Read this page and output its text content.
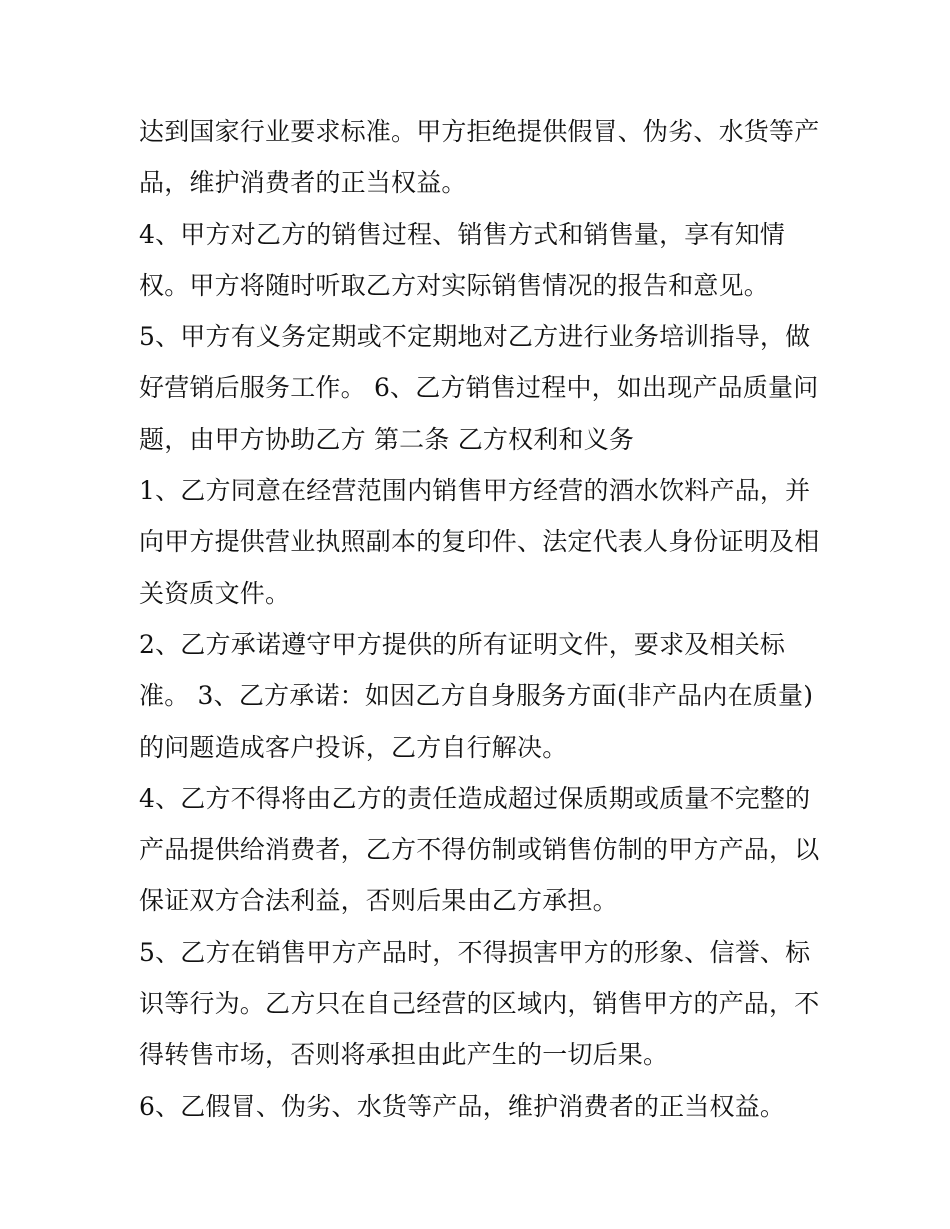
达到国家行业要求标准。甲方拒绝提供假冒、伪劣、水货等产
品，维护消费者的正当权益。
4、甲方对乙方的销售过程、销售方式和销售量，享有知情
权。甲方将随时听取乙方对实际销售情况的报告和意见。
5、甲方有义务定期或不定期地对乙方进行业务培训指导，做
好营销后服务工作。 6、乙方销售过程中，如出现产品质量问
题，由甲方协助乙方 第二条 乙方权利和义务
1、乙方同意在经营范围内销售甲方经营的酒水饮料产品，并
向甲方提供营业执照副本的复印件、法定代表人身份证明及相
关资质文件。
2、乙方承诺遵守甲方提供的所有证明文件，要求及相关标
准。 3、乙方承诺：如因乙方自身服务方面(非产品内在质量)
的问题造成客户投诉，乙方自行解决。
4、乙方不得将由乙方的责任造成超过保质期或质量不完整的
产品提供给消费者，乙方不得仿制或销售仿制的甲方产品，以
保证双方合法利益，否则后果由乙方承担。
5、乙方在销售甲方产品时，不得损害甲方的形象、信誉、标
识等行为。乙方只在自己经营的区域内，销售甲方的产品，不
得转售市场，否则将承担由此产生的一切后果。
6、乙假冒、伪劣、水货等产品，维护消费者的正当权益。
